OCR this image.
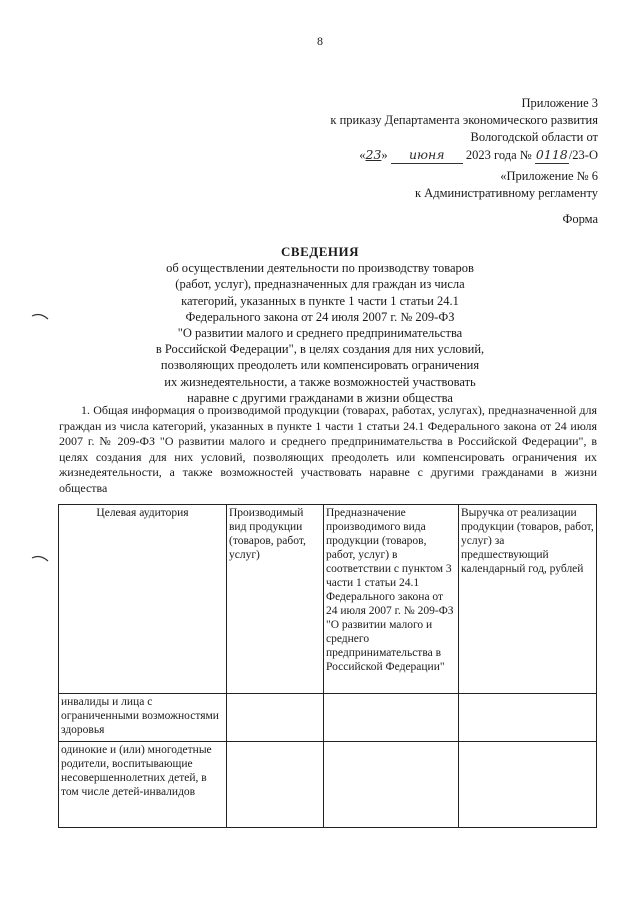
8
Приложение 3
к приказу Департамента экономического развития
Вологодской области от
«23» июня 2023 года № 0118/23-О
«Приложение № 6
к Административному регламенту
Форма
СВЕДЕНИЯ
об осуществлении деятельности по производству товаров
(работ, услуг), предназначенных для граждан из числа
категорий, указанных в пункте 1 части 1 статьи 24.1
Федерального закона от 24 июля 2007 г. № 209-ФЗ
"О развитии малого и среднего предпринимательства
в Российской Федерации", в целях создания для них условий,
позволяющих преодолеть или компенсировать ограничения
их жизнедеятельности, а также возможностей участвовать
наравне с другими гражданами в жизни общества
1. Общая информация о производимой продукции (товарах, работах, услугах), предназначенной для граждан из числа категорий, указанных в пункте 1 части 1 статьи 24.1 Федерального закона от 24 июля 2007 г. № 209-ФЗ "О развитии малого и среднего предпринимательства в Российской Федерации", в целях создания для них условий, позволяющих преодолеть или компенсировать ограничения их жизнедеятельности, а также возможностей участвовать наравне с другими гражданами в жизни общества
Целевая аудитория	Производимый вид продукции (товаров, работ, услуг)	Предназначение производимого вида продукции (товаров, работ, услуг) в соответствии с пунктом 3 части 1 статьи 24.1 Федерального закона от 24 июля 2007 г. № 209-ФЗ "О развитии малого и среднего предпринимательства в Российской Федерации"	Выручка от реализации продукции (товаров, работ, услуг) за предшествующий календарный год, рублей
инвалиды и лица с ограниченными возможностями здоровья			
одинокие и (или) многодетные родители, воспитывающие несовершеннолетних детей, в том числе детей-инвалидов			
